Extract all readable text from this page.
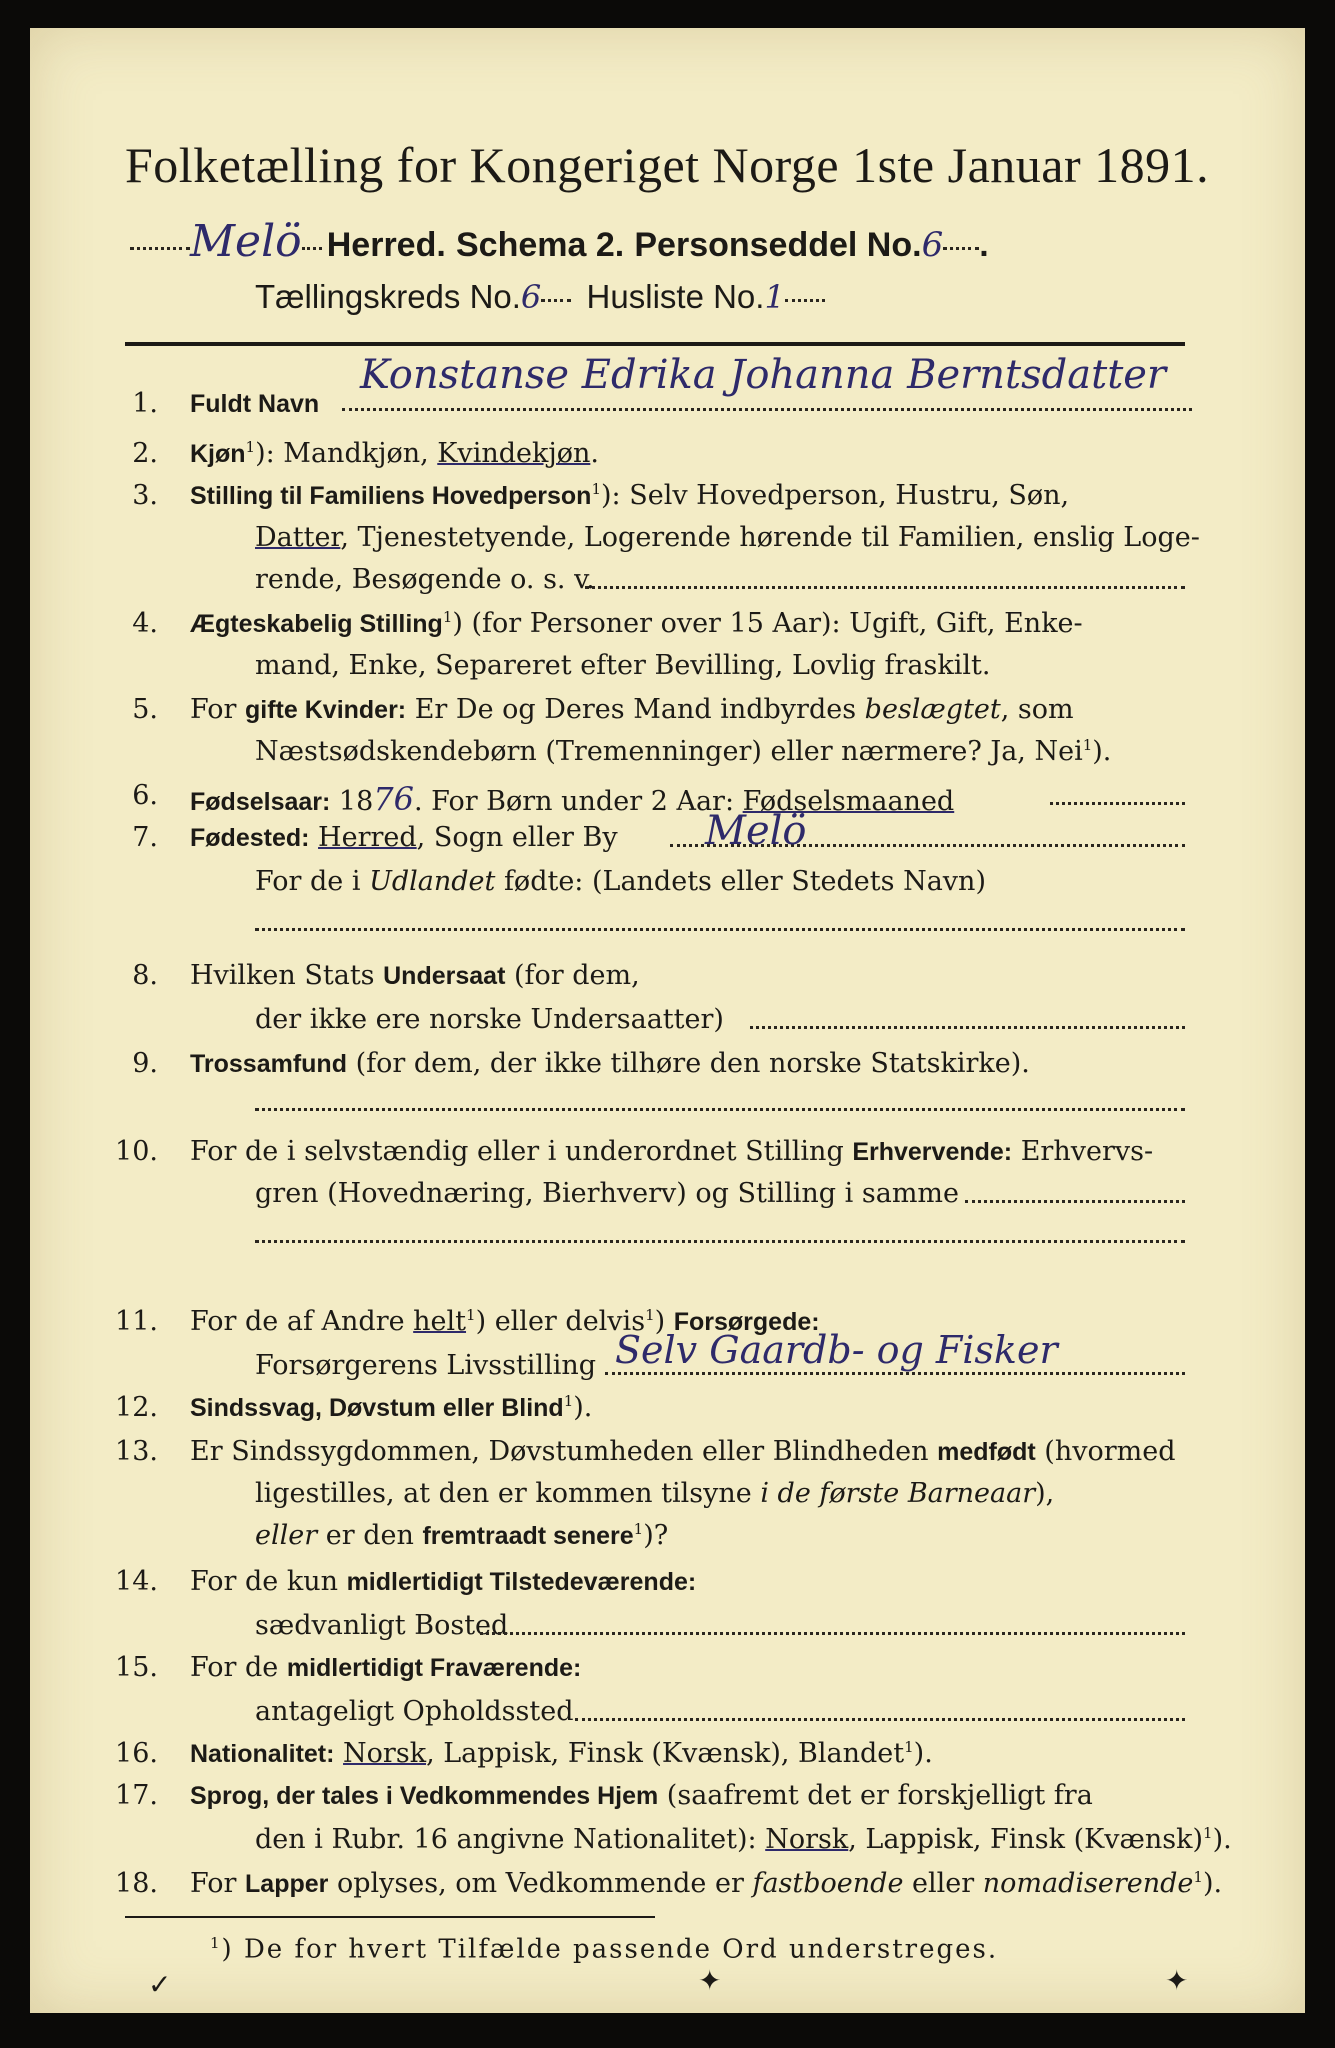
Folketælling for Kongeriget Norge 1ste Januar 1891.
Melö Herred. Schema 2. Personseddel No.6 .
Tællingskreds No.6 Husliste No.1
1. Fuldt Navn
Konstanse Edrika Johanna Berntsdatter
2. Kjøn$^1$): Mandkjøn, Kvindekjøn.
3. Stilling til Familiens Hovedperson$^1$): Selv Hovedperson, Hustru, Søn,
Datter, Tjenestetyende, Logerende hørende til Familien, enslig Loge-
rende, Besøgende o. s. v.
4. Ægteskabelig Stilling$^1$) (for Personer over 15 Aar): Ugift, Gift, Enke-
mand, Enke, Separeret efter Bevilling, Lovlig fraskilt.
5. For gifte Kvinder: Er De og Deres Mand indbyrdes beslægtet, som
Næstsødskendebørn (Tremenninger) eller nærmere? Ja, Nei$^1$).
6. Fødselsaar: 1876. For Børn under 2 Aar: Fødselsmaaned
7. Fødested: Herred, Sogn eller By Melö
For de i Udlandet fødte: (Landets eller Stedets Navn)
8. Hvilken Stats Undersaat (for dem,
der ikke ere norske Undersaatter)
9. Trossamfund (for dem, der ikke tilhøre den norske Statskirke).
10. For de i selvstændig eller i underordnet Stilling Erhvervende: Erhvervs-
gren (Hovednæring, Bierhverv) og Stilling i samme
11. For de af Andre helt$^1$) eller delvis$^1$) Forsørgede:
Forsørgerens Livsstilling Selv Gaardb- og Fisker
12. Sindssvag, Døvstum eller Blind$^1$).
13. Er Sindssygdommen, Døvstumheden eller Blindheden medfødt (hvormed
ligestilles, at den er kommen tilsyne i de første Barneaar),
eller er den fremtraadt senere$^1$)?
14. For de kun midlertidigt Tilstedeværende:
sædvanligt Bosted
15. For de midlertidigt Fraværende:
antageligt Opholdssted
16. Nationalitet: Norsk, Lappisk, Finsk (Kvænsk), Blandet$^1$).
17. Sprog, der tales i Vedkommendes Hjem (saafremt det er forskjelligt fra
den i Rubr. 16 angivne Nationalitet): Norsk, Lappisk, Finsk (Kvænsk)$^1$).
18. For Lapper oplyses, om Vedkommende er fastboende eller nomadiserende$^1$).
$^1$) De for hvert Tilfælde passende Ord understreges.
✓	✦	✦
